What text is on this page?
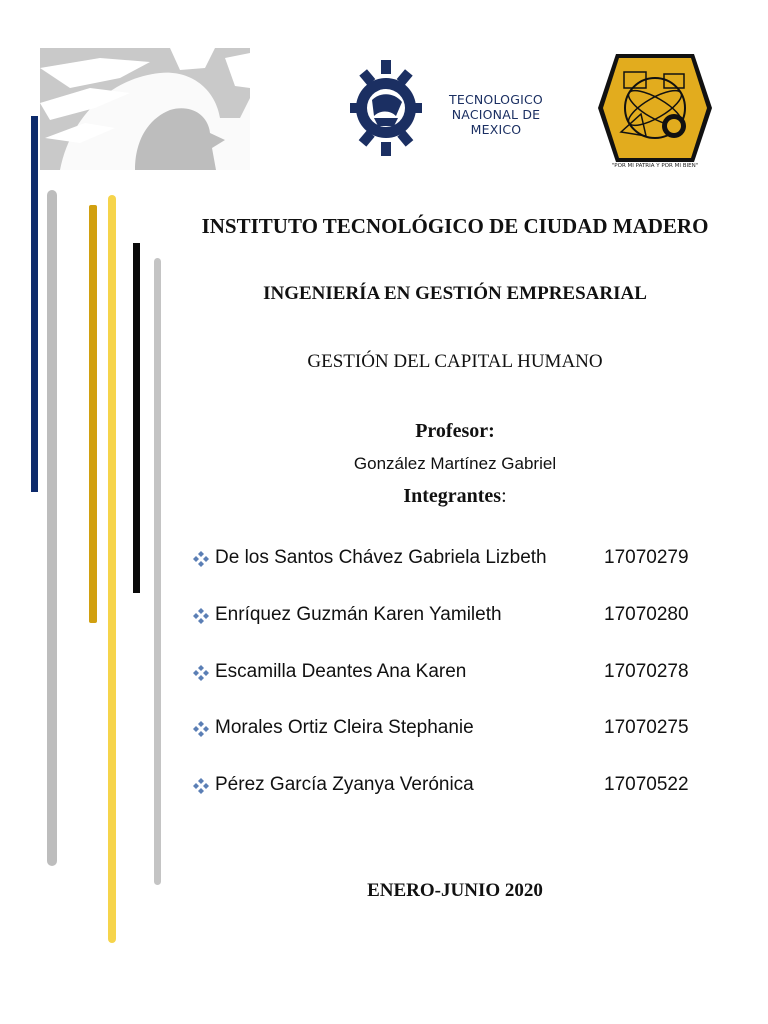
TECNOLOGICO
NACIONAL DE MEXICO
"POR MI PATRIA Y POR MI BIEN"
INSTITUTO TECNOLÓGICO DE CIUDAD MADERO
INGENIERÍA EN GESTIÓN EMPRESARIAL
GESTIÓN DEL CAPITAL HUMANO
Profesor:
González Martínez Gabriel
Integrantes:
De los Santos Chávez Gabriela Lizbeth	17070279
Enríquez Guzmán Karen Yamileth	17070280
Escamilla Deantes Ana Karen	17070278
Morales Ortiz Cleira Stephanie	17070275
Pérez García Zyanya Verónica	17070522
ENERO-JUNIO 2020
